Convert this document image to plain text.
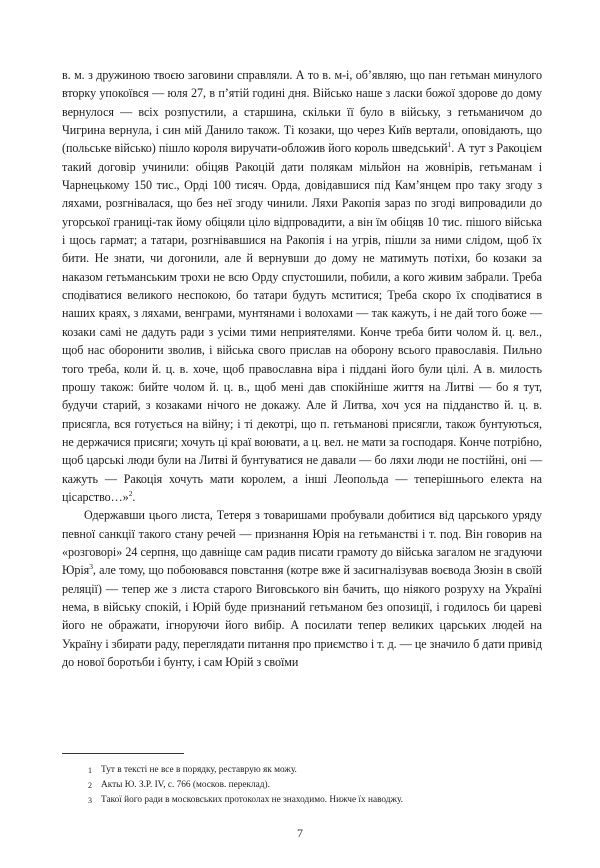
в. м. з дружиною твоєю заговини справляли. А то в. м-і, об’являю, що пан гетьман минулого вторку упокоївся — юля 27, в п’ятій годині дня. Військо наше з ласки божої здорове до дому вернулося — всіх розпустили, а старшина, скільки її було в війську, з гетьманичом до Чигрина вернула, і син мій Данило також. Ті козаки, що через Київ вертали, оповідають, що (польське військо) пішло короля виручати-обложив його король шведський$^1$. А тут з Ракоцієм такий договір учинили: обіцяв Ракоцій дати полякам мільйон на жовнірів, гетьманам і Чарнецькому 150 тис., Орді 100 тисяч. Орда, довідавшися під Кам’янцем про таку згоду з ляхами, розгнівалася, що без неї згоду чинили. Ляхи Ракопія зараз по згоді випровадили до угорської границі-так йому обіцяли ціло відпровадити, а він їм обіцяв 10 тис. пішого війська і щось гармат; а татари, розгнівавшися на Ракопія і на угрів, пішли за ними слідом, щоб їх бити. Не знати, чи догонили, але й вернувши до дому не матимуть потіхи, бо козаки за наказом гетьманським трохи не всю Орду спустошили, побили, а кого живим забрали. Треба сподіватися великого неспокою, бо татари будуть мститися; Треба скоро їх сподіватися в наших краях, з ляхами, венграми, мунтянами і волохами — так кажуть, і не дай того боже — козаки самі не дадуть ради з усіми тими неприятелями. Конче треба бити чолом й. ц. вел., щоб нас оборонити зволив, і війська свого прислав на оборону всього православія. Пильно того треба, коли й. ц. в. хоче, щоб православна віра і піддані його були цілі. А в. милость прошу також: бийте чолом й. ц. в., щоб мені дав спокійніше життя на Литві — бо я тут, будучи старий, з козаками нічого не докажу. Але й Литва, хоч уся на підданство й. ц. в. присягла, вся готується на війну; і ті декотрі, що п. гетьманові присягли, також бунтуються, не держачися присяги; хочуть ці краї воювати, а ц. вел. не мати за господаря. Конче потрібно, щоб царські люди були на Литві й бунтуватися не давали — бо ляхи люди не постійні, оні — кажуть — Ракоцiя хочуть мати королем, а інші Леопольда — теперішнього електа на цісарство…»$^2$.

Одержавши цього листа, Тетеря з товаришами пробували добитися від царського уряду певної санкції такого стану речей — признання Юрія на гетьманстві і т. под. Він говорив на «розговорі» 24 серпня, що давніще сам радив писати грамоту до війська загалом не згадуючи Юрія$^3$, але тому, що побоювався повстання (котре вже й засигналізував воєвода Зюзін в своїй реляції) — тепер же з листа старого Виговського він бачить, що ніякого розруху на Україні нема, в війську спокій, і Юрій буде признаний гетьманом без опозиції, і годилось би цареві його не ображати, ігноруючи його вибір. А посилати тепер великих царських людей на Україну і збирати раду, переглядати питання про приємство і т. д. — це значило б дати привід до нової боротьби і бунту, і сам Юрій з своїми

1 Тут в тексті не все в порядку, реставрую як можу.
2 Акты Ю. З.Р. IV, с. 766 (москов. переклад).
3 Такої його ради в московських протоколах не знаходимо. Нижче їх наводжу.
7
